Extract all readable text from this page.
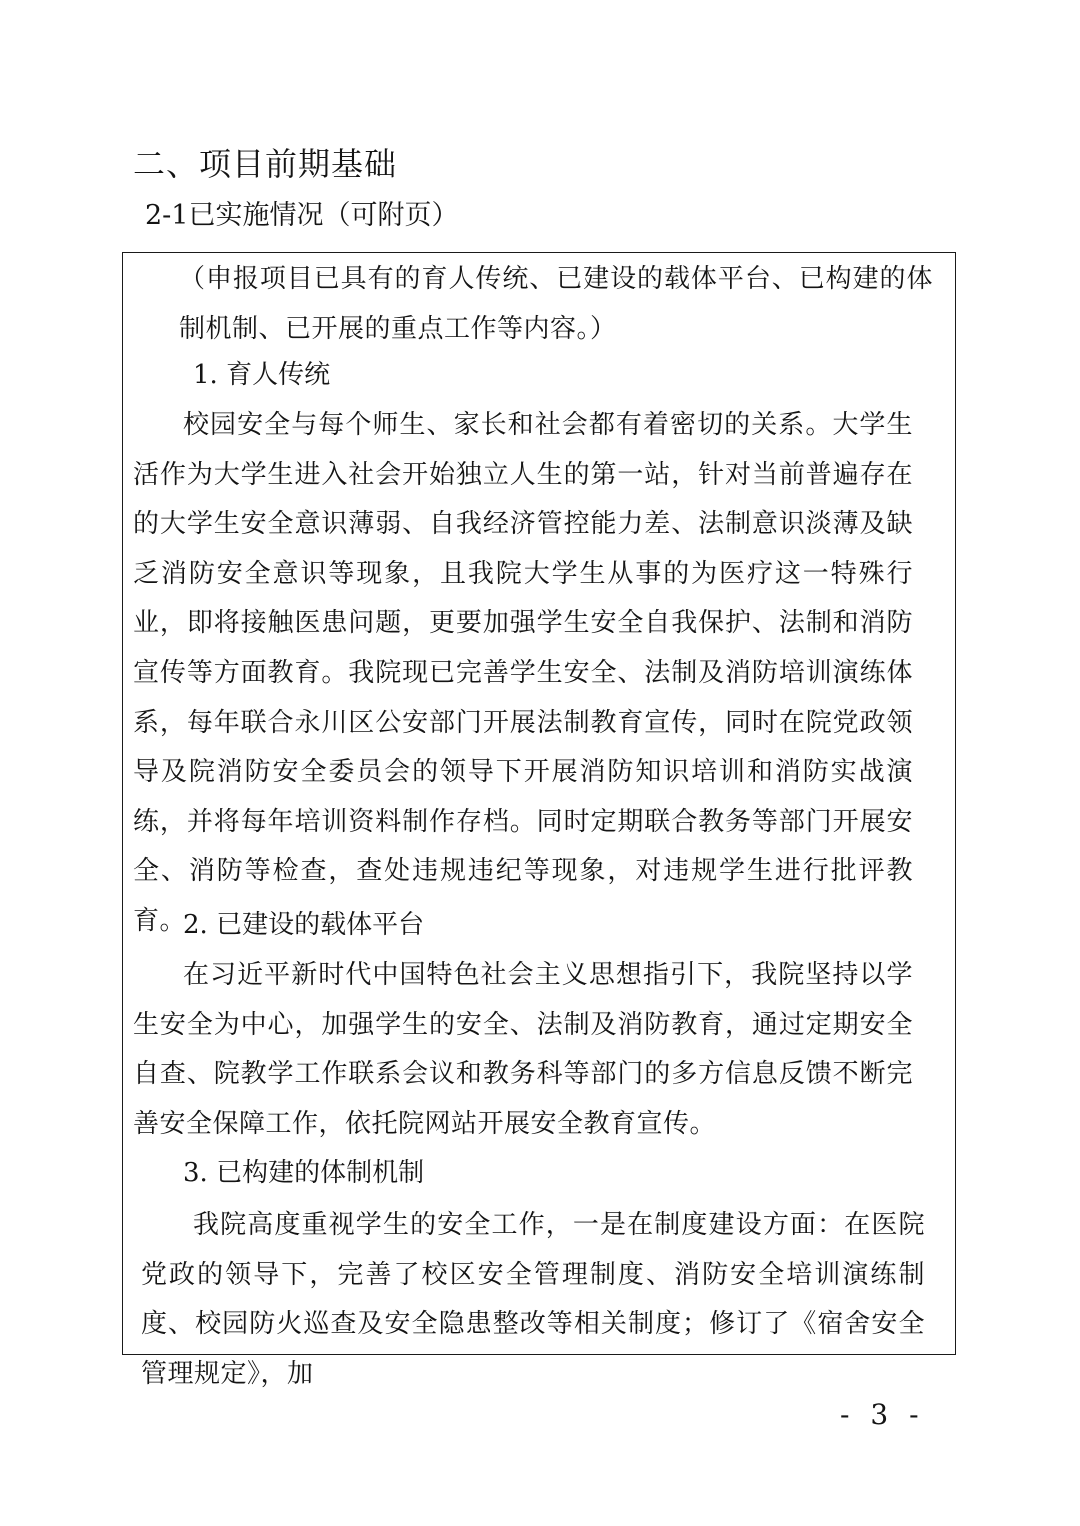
二、项目前期基础
2-1已实施情况（可附页）

（申报项目已具有的育人传统、已建设的载体平台、已构建的体制机制、已开展的重点工作等内容。）

1. 育人传统

校园安全与每个师生、家长和社会都有着密切的关系。大学生活作为大学生进入社会开始独立人生的第一站，针对当前普遍存在的大学生安全意识薄弱、自我经济管控能力差、法制意识淡薄及缺乏消防安全意识等现象，且我院大学生从事的为医疗这一特殊行业，即将接触医患问题，更要加强学生安全自我保护、法制和消防宣传等方面教育。我院现已完善学生安全、法制及消防培训演练体系，每年联合永川区公安部门开展法制教育宣传，同时在院党政领导及院消防安全委员会的领导下开展消防知识培训和消防实战演练，并将每年培训资料制作存档。同时定期联合教务等部门开展安全、消防等检查，查处违规违纪等现象，对违规学生进行批评教育。

2. 已建设的载体平台

在习近平新时代中国特色社会主义思想指引下，我院坚持以学生安全为中心，加强学生的安全、法制及消防教育，通过定期安全自查、院教学工作联系会议和教务科等部门的多方信息反馈不断完善安全保障工作，依托院网站开展安全教育宣传。

3. 已构建的体制机制

我院高度重视学生的安全工作，一是在制度建设方面：在医院党政的领导下，完善了校区安全管理制度、消防安全培训演练制度、校园防火巡查及安全隐患整改等相关制度；修订了《宿舍安全管理规定》，加

- 3 -
